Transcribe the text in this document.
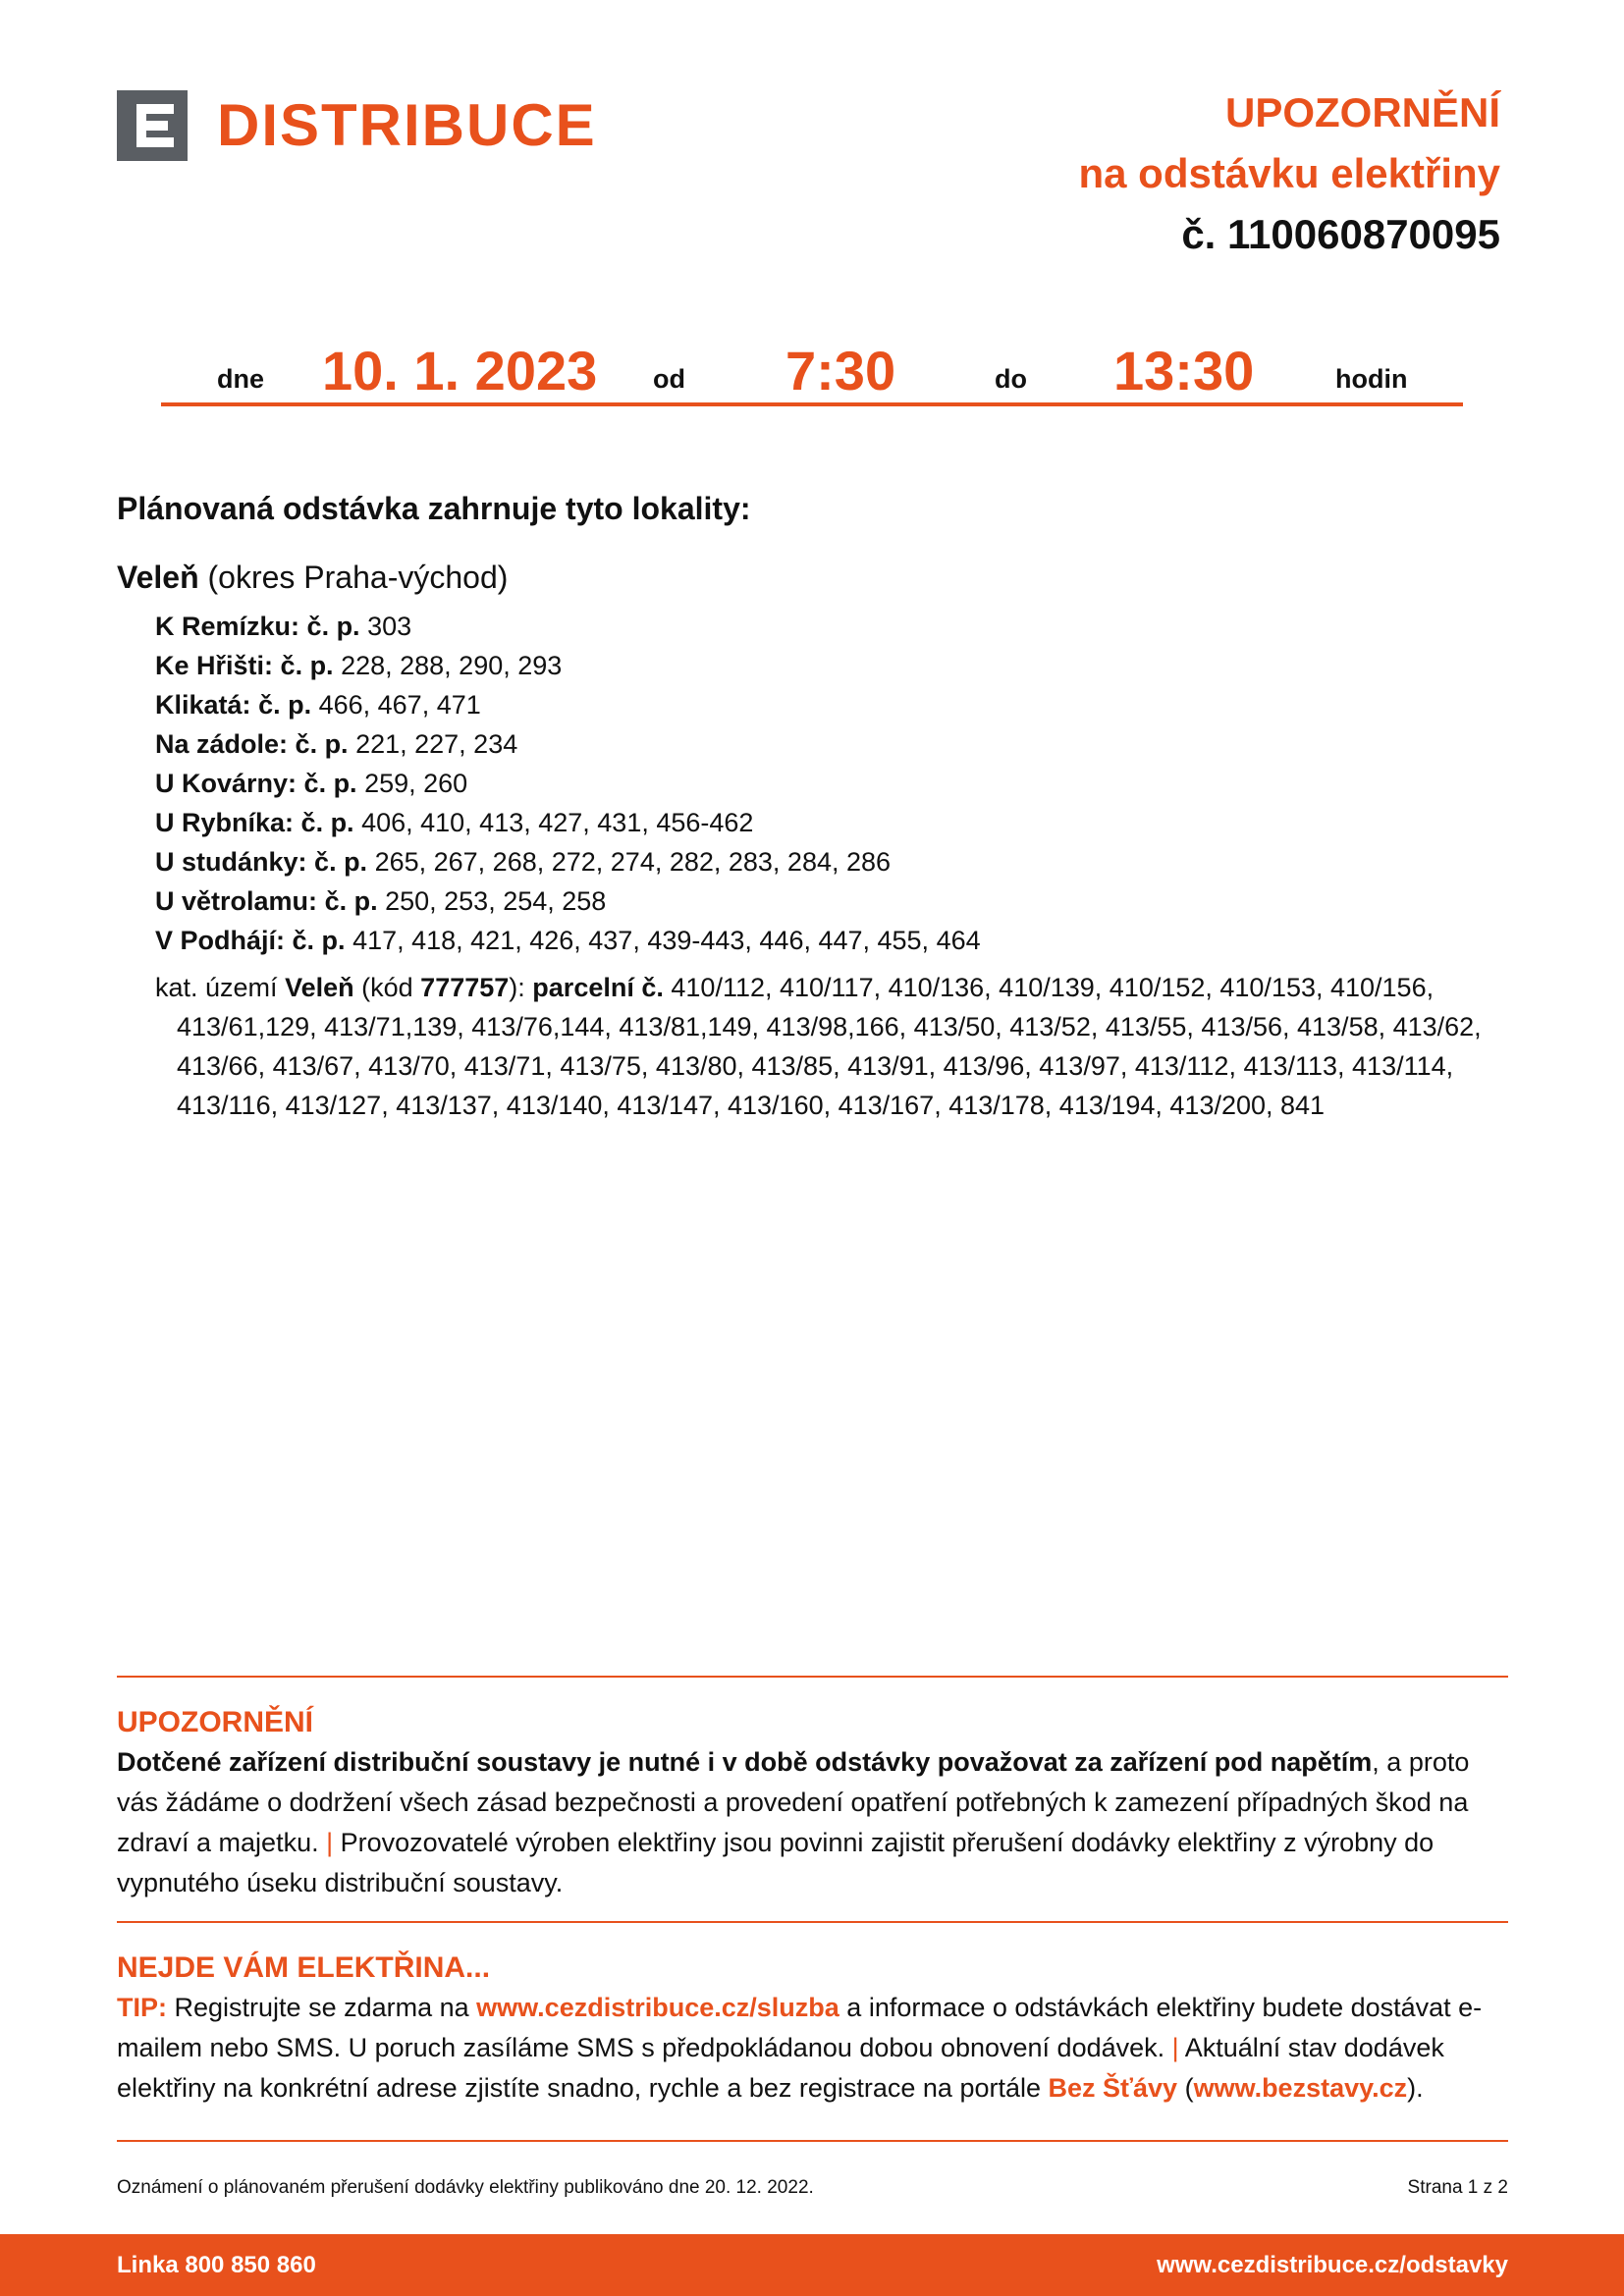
DISTRIBUCE	UPOZORNĚNÍ
na odstávku elektřiny
č. 110060870095
dne 10. 1. 2023 od 7:30	do 13:30	hodin
Plánovaná odstávka zahrnuje tyto lokality:
Veleň (okres Praha-východ)
K Remízku: č. p. 303
Ke Hřišti: č. p. 228, 288, 290, 293
Klikatá: č. p. 466, 467, 471
Na zádole: č. p. 221, 227, 234
U Kovárny: č. p. 259, 260
U Rybníka: č. p. 406, 410, 413, 427, 431, 456-462
U studánky: č. p. 265, 267, 268, 272, 274, 282, 283, 284, 286
U větrolamu: č. p. 250, 253, 254, 258
V Podhájí: č. p. 417, 418, 421, 426, 437, 439-443, 446, 447, 455, 464
kat. území Veleň (kód 777757): parcelní č. 410/112, 410/117, 410/136, 410/139, 410/152, 410/153, 410/156, 413/61,129, 413/71,139, 413/76,144, 413/81,149, 413/98,166, 413/50, 413/52, 413/55, 413/56, 413/58, 413/62, 413/66, 413/67, 413/70, 413/71, 413/75, 413/80, 413/85, 413/91, 413/96, 413/97, 413/112, 413/113, 413/114, 413/116, 413/127, 413/137, 413/140, 413/147, 413/160, 413/167, 413/178, 413/194, 413/200, 841
UPOZORNĚNÍ
Dotčené zařízení distribuční soustavy je nutné i v době odstávky považovat za zařízení pod napětím, a proto vás žádáme o dodržení všech zásad bezpečnosti a provedení opatření potřebných k zamezení případných škod na zdraví a majetku. | Provozovatelé výroben elektřiny jsou povinni zajistit přerušení dodávky elektřiny z výrobny do vypnutého úseku distribuční soustavy.
NEJDE VÁM ELEKTŘINA...
TIP: Registrujte se zdarma na www.cezdistribuce.cz/sluzba a informace o odstávkách elektřiny budete dostávat e-mailem nebo SMS. U poruch zasíláme SMS s předpokládanou dobou obnovení dodávek. | Aktuální stav dodávek elektřiny na konkrétní adrese zjistíte snadno, rychle a bez registrace na portále Bez Šťávy (www.bezstavy.cz).
Oznámení o plánovaném přerušení dodávky elektřiny publikováno dne 20. 12. 2022.	Strana 1 z 2
Linka 800 850 860	www.cezdistribuce.cz/odstavky
